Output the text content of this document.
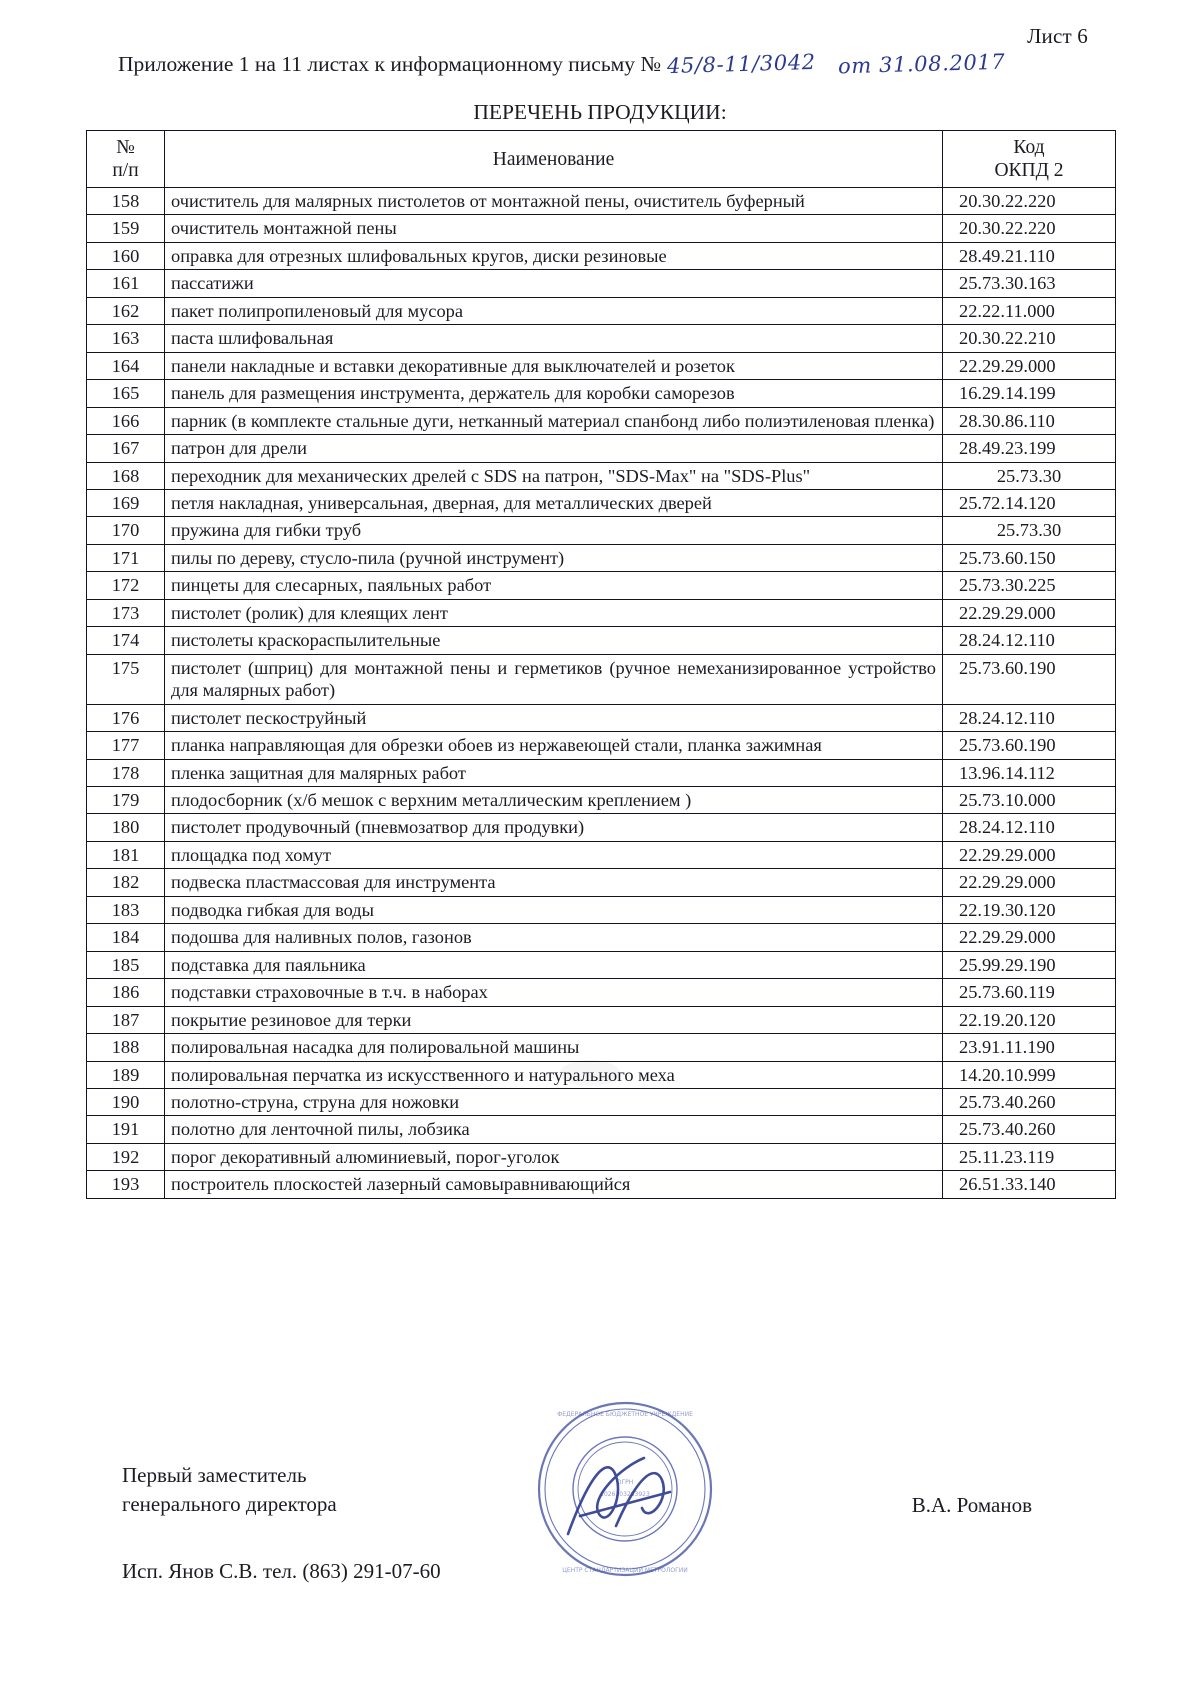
Лист 6
Приложение 1 на 11 листах к информационному письму № 45/8-11/3042 от 31.08.2017
ПЕРЕЧЕНЬ ПРОДУКЦИИ:
№
п/п
	Наименование	
Код
ОКПД 2

158	очиститель для малярных пистолетов от монтажной пены, очиститель буферный	20.30.22.220
159	очиститель монтажной пены	20.30.22.220
160	оправка для отрезных шлифовальных кругов, диски резиновые	28.49.21.110
161	пассатижи	25.73.30.163
162	пакет полипропиленовый для мусора	22.22.11.000
163	паста шлифовальная	20.30.22.210
164	панели накладные и вставки декоративные для выключателей и розеток	22.29.29.000
165	панель для размещения инструмента, держатель для коробки саморезов	16.29.14.199
166	парник (в комплекте стальные дуги, нетканный материал спанбонд либо полиэтиленовая пленка)	28.30.86.110
167	патрон для дрели	28.49.23.199
168	переходник для механических дрелей с SDS на патрон, "SDS-Max" на "SDS-Plus"	25.73.30
169	петля накладная, универсальная, дверная, для металлических дверей	25.72.14.120
170	пружина для гибки труб	25.73.30
171	пилы по дереву, стусло-пила (ручной инструмент)	25.73.60.150
172	пинцеты для слесарных, паяльных работ	25.73.30.225
173	пистолет (ролик) для клеящих лент	22.29.29.000
174	пистолеты краскораспылительные	28.24.12.110
175	пистолет (шприц) для монтажной пены и герметиков (ручное немеханизированное устройство для малярных работ)	25.73.60.190
176	пистолет пескоструйный	28.24.12.110
177	планка направляющая для обрезки обоев из нержавеющей стали, планка зажимная	25.73.60.190
178	пленка защитная для малярных работ	13.96.14.112
179	плодосборник (х/б мешок с верхним металлическим креплением )	25.73.10.000
180	пистолет продувочный (пневмозатвор для продувки)	28.24.12.110
181	площадка под хомут	22.29.29.000
182	подвеска пластмассовая для инструмента	22.29.29.000
183	подводка гибкая для воды	22.19.30.120
184	подошва для наливных полов, газонов	22.29.29.000
185	подставка для паяльника	25.99.29.190
186	подставки страховочные в т.ч. в наборах	25.73.60.119
187	покрытие резиновое для терки	22.19.20.120
188	полировальная насадка для полировальной машины	23.91.11.190
189	полировальная перчатка из искусственного и натурального меха	14.20.10.999
190	полотно-струна, струна для ножовки	25.73.40.260
191	полотно для ленточной пилы, лобзика	25.73.40.260
192	порог декоративный алюминиевый, порог-уголок	25.11.23.119
193	построитель плоскостей лазерный самовыравнивающийся	26.51.33.140
Первый заместитель
генерального директора
ФЕДЕРАЛЬНОЕ БЮДЖЕТНОЕ УЧРЕЖДЕНИЕ
ЦЕНТР СТАНДАРТИЗАЦИИ МЕТРОЛОГИИ
ОГРН
1026103283923	В.А. Романов
Исп. Янов С.В. тел. (863) 291-07-60
